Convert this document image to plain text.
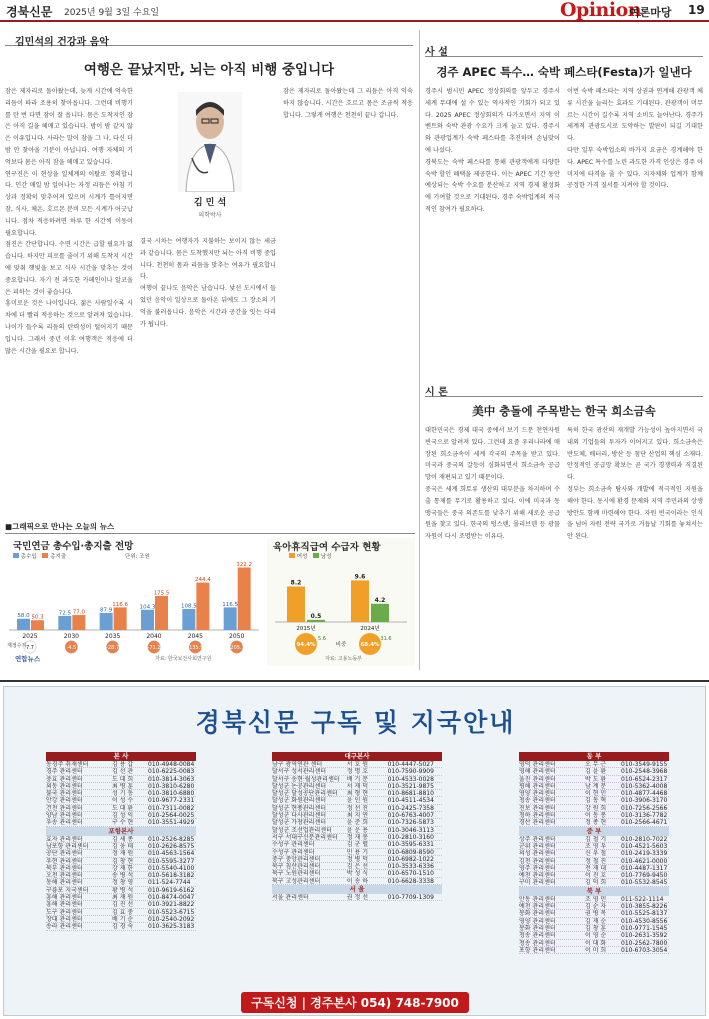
경북신문 2025년 9월 3일 수요일	Opinion
여론마당 19
김민석의 건강과 음악
여행은 끝났지만, 뇌는 아직 비행 중입니다

잠은 제자리로 돌아왔는데, 늦게 시간에 억숙한 리듬이 따라 조용히 찾아옵니다. 그런데 비행기를 탄 번 다면 잠이 잘 옵니다. 몸은 도착지인 잠은 아직 길을 헤매고 있습니다. 밤이 밤 같지 않은 이유입니다. 사라는 말이 잠을 그 나, 다신 더 밤 안 찾아올 기분이 아닙니다. 여행 자체의 기억보다 몸은 아직 잠을 헤매고 있습니다.

연구진은 이 현상을 일체계의 이탈로 정의합니다. 인간 매일 밤 일어나는 자정 리듬은 아침 기상과 정확히 맞추어져 있으며 시계가 틀어지면 잠, 식사, 체온, 호르몬 분비 모든 시계가 어긋납니다. 점차 적응하려면 하루 한 시간씩 이동이 필요합니다.

점진은 간단합니다. 수면 시간은 급할 필요가 없습니다. 하지만 피로를 줄이기 위해 도착지 시간에 맞춰 햇빛을 보고 식사 시간을 맞추는 것이 중요합니다. 자기 전 과도한 카페인이나 알코올은 피하는 것이 좋습니다.

흥미로운 것은 나이입니다. 젊은 사람일수록 시차에 더 빨리 적응하는 것으로 알려져 있습니다. 나이가 들수록 리듬의 탄력성이 떨어지기 때문입니다. 그래서 중년 이후 여행객은 적응에 더 많은 시간을 필요로 합니다.

김 민 석
의학박사

결국 시차는 여행자가 지불하는 보이지 않는 세금과 같습니다. 몸은 도착했지만 뇌는 아직 비행 중입니다. 천천히 몸과 리듬을 맞추는 여유가 필요합니다.

여행이 끝나도 음악은 남습니다. 낯선 도시에서 들었던 음악이 일상으로 돌아온 뒤에도 그 장소의 기억을 불러옵니다. 음악은 시간과 공간을 잇는 다리가 됩니다.

잠은 제자리로 돌아왔는데 그 리듬은 아직 익숙하지 않습니다. 시간은 흐르고 몸은 조금씩 적응합니다. 그렇게 여행은 천천히 끝나 갑니다.

사 설
경주 APEC 특수… 숙박 페스타(Festa)가 일낸다

경주시 범시민 APEC 정상회의를 앞두고 경주시 세계 무대에 설 수 있는 역사적인 기회가 되고 있다. 2025 APEC 정상회의가 다가오면서 지역 이벤트와 숙박 관광 수요가 크게 늘고 있다. 경주시와 관광업계가 숙박 페스타를 추진하며 손님맞이에 나섰다.

경북도는 숙박 페스타를 통해 관광객에게 다양한 숙박 할인 혜택을 제공한다. 이는 APEC 기간 동안 예상되는 숙박 수요를 분산하고 지역 경제 활성화에 기여할 것으로 기대된다. 경주 숙박업계의 적극적인 참여가 필요하다.

이번 숙박 페스타는 지역 상권과 연계해 관광객 체류 시간을 늘리는 효과도 기대된다. 관광객이 머무르는 시간이 길수록 지역 소비도 늘어난다. 경주가 세계적 관광도시로 도약하는 발판이 되길 기대한다.

다만 일부 숙박업소의 바가지 요금은 경계해야 한다. APEC 특수를 노린 과도한 가격 인상은 경주 이미지에 타격을 줄 수 있다. 지자체와 업계가 함께 공정한 가격 질서를 지켜야 할 것이다.

시 론
美中 충돌에 주목받는 한국 희소금속

대한민국은 경제 대국 중에서 보기 드문 천연자원 빈국으로 알려져 있다. 그런데 요즘 우리나라에 매장된 희소금속이 세계 각국의 주목을 받고 있다. 미국과 중국의 갈등이 심화되면서 희소금속 공급망이 재편되고 있기 때문이다.

중국은 세계 희토류 생산의 대부분을 차지하며 수출 통제를 무기로 활용하고 있다. 이에 미국과 동맹국들은 중국 의존도를 낮추기 위해 새로운 공급원을 찾고 있다. 한국의 텅스텐, 몰리브덴 등 광물 자원이 다시 조명받는 이유다.

특히 한국 광산의 재개발 가능성이 높아지면서 국내외 기업들의 투자가 이어지고 있다. 희소금속은 반도체, 배터리, 방산 등 첨단 산업의 핵심 소재다. 안정적인 공급망 확보는 곧 국가 경쟁력과 직결된다.

정부는 희소금속 탐사와 개발에 적극적인 지원을 해야 한다. 동시에 환경 문제와 지역 주민과의 상생 방안도 함께 마련해야 한다. 자원 빈국이라는 인식을 넘어 자원 전략 국가로 거듭날 기회를 놓쳐서는 안 된다.

■그래픽으로 만나는 오늘의 뉴스
국민연금 총수입·총지출 전망
총수입 총지출	단위: 조원
58.0 50.3
2025
7.7
72.5 77.0
2030
-4.5
87.9
116.6
2035
-28.7
104.3
175.5
2040
-71.2
108.5
244.4
2045
-135.9
116.5
322.2
2050
-205.7
재정수지
연합뉴스	자료: 한국보건사회연구원
육아휴직급여 수급자 현황
여성 남성
8.2
0.5
2015년
94.4%
5.6
9.6
4.2
2024년
68.4%
31.6
비중
자료: 고용노동부
경북신문 구독 및 지국안내
본 사
동경주 취재센터	김 용 갑	010-4948-0084
경주 관리센터	김 선 관	010-6225-0083
충효 관리센터	도 대 희	010-3814-3063
외동 관리센터	최 병 훈	010-3810-6280
불국 관리센터	성 기 동	010-3810-6880
안강 관리센터	이 성 수	010-9677-2331
건천 관리센터	도 대 환	010-7311-0082
양남 관리센터	김 성 익	010-2564-0025
우송 관리센터	구 수 현	010-3551-4929
포항본사
효자 관리센터	김 세 종	010-2526-8285
남포항 관리센터	김 웅 태	010-2626-8575
공단 관리센터	정 재 원	010-4563-1564
우현 관리센터	김 창 현	010-5595-3277
북부 관리센터	강 재 한	010-5540-4100
오천 관리센터	송 병 석	010-5618-3182
동해 관리센터	정 창 영	011-524-7744
구룡포 지국센터	황 병 석	010-9619-6162
흥해 관리센터	최 재 원	010-8474-0047
흥해 관리센터	김 진 선	010-3921-8822
도구 관리센터	김 효 중	010-5523-6715
장대 관리센터	배 기 순	010-2540-2092
송라 관리센터	김 경 숙	010-3625-3183
대구본사
남구 광역연관 센터	서 호 원	010-4447-5027
달서구 성서관리센터	정 명 호	010-7590-9909
달서구 송현·월성관리센터	배 기 문	010-4533-0028
달성군 논공관리센터	서 재 덕	010-3521-9875
달성군 달성공단관리센터	최 형 현	010-8681-8810
달성군 화원관리센터	윤 인 원	010-4511-4534
달성군 현풍관리센터	정 선 진	010-2425-7358
달성군 다사관리센터	최 지 연	010-6763-4007
달성군 가창관리센터	윤 준 희	010-7326-5873
달성군 조선업관리센터	윤 운 용	010-3046-3113
서구 서대구신문관리센터	정 재 봉	010-2810-3160
수성구 관리센터	김 군 렬	010-3595-6331
수성구 관리센터	민 용 기	010-6809-8590
중구 중앙관리센터	정 병 덕	010-6982-1022
북구 침산관리센터	김 은 선	010-3533-6336
북구 노원관리센터	박 성 식	010-6570-1510
북구 고성관리센터	이 송 하	010-6628-3338
서 울
서울 관리센터	권 정 선	010-7709-1309
동 부
영덕 관리센터	오 무 근	010-3549-9155
영해 관리센터	김 윤 환	010-2548-3968
울진 관리센터	박 도 환	010-6524-2317
평해 관리센터	남 계 문	010-5362-4008
영양 관리센터	이 현 민	010-4877-4468
청송 관리센터	김 동 혁	010-3906-3170
진보 관리센터	강 원 희	010-7256-2566
청하 관리센터	이 동 봉	010-3136-7782
경산 관리센터	정 종 현	010-2566-4671
중 부
상주 관리센터	김 철 기	010-2810-7022
군위 관리센터	조 영 우	010-4521-5603
의성 관리센터	신 우 철	010-2419-3339
김천 관리센터	정 철 진	010-4621-0000
영주 관리센터	전 재 대	010-4487-1317
예천 관리센터	이 진 호	010-7769-9450
구미 관리센터	김 덕 희	010-5532-8545
북 부
안동 관리센터	조 영 민	011-522-1114
예천 관리센터	김 순 자	010-3855-8226
봉화 관리센터	권 병 목	010-5525-8137
영양 관리센터	김 재 순	010-4530-8556
봉화 관리센터	김 창 훈	010-9771-1545
청송 관리센터	이 영 순	010-2631-3592
청송 관리센터	이 대 화	010-2562-7800
포항 관리센터	이 미 희	010-6703-3054
구독신청 | 경주본사 054) 748-7900
